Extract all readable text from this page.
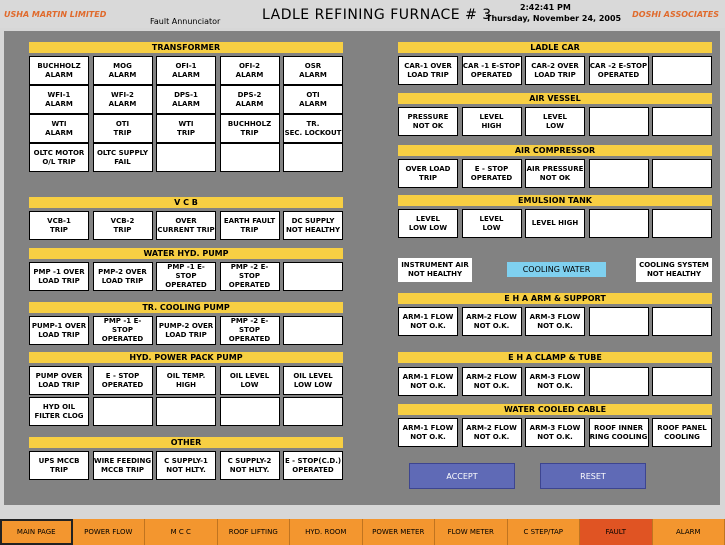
USHA MARTIN LIMITED
Fault Annunciator	LADLE REFINING FURNACE # 3	2:42:41 PM
Thursday, November 24, 2005 DOSHI ASSOCIATES
TRANSFORMER
BUCHHOLZ
ALARM
MOG
ALARM
OFI-1
ALARM
OFI-2
ALARM
OSR
ALARM
WFI-1
ALARM
WFI-2
ALARM
DPS-1
ALARM
DPS-2
ALARM
OTI
ALARM
WTI
ALARM
OTI
TRIP
WTI
TRIP
BUCHHOLZ
TRIP
TR.
SEC. LOCKOUT
OLTC MOTOR
O/L TRIP
OLTC SUPPLY
FAIL
V C B
VCB-1
TRIP
VCB-2
TRIP
OVER
CURRENT TRIP
EARTH FAULT
TRIP
DC SUPPLY
NOT HEALTHY
WATER HYD. PUMP
PMP -1 OVER
LOAD TRIP
PMP-2 OVER
LOAD TRIP
PMP -1 E-STOP
OPERATED
PMP -2 E-STOP
OPERATED
TR. COOLING PUMP
PUMP-1 OVER
LOAD TRIP
PMP -1 E-STOP
OPERATED
PUMP-2 OVER
LOAD TRIP
PMP -2 E-STOP
OPERATED
HYD. POWER PACK PUMP
PUMP OVER
LOAD TRIP
E - STOP
OPERATED
OIL TEMP.
HIGH
OIL LEVEL
LOW
OIL LEVEL
LOW LOW
HYD OIL
FILTER CLOG
OTHER
UPS MCCB
TRIP
WIRE FEEDING
MCCB TRIP
C SUPPLY-1
NOT HLTY.
C SUPPLY-2
NOT HLTY.
E - STOP(C.D.)
OPERATED
LADLE CAR
CAR-1 OVER
LOAD TRIP
CAR -1 E-STOP
OPERATED
CAR-2 OVER
LOAD TRIP
CAR -2 E-STOP
OPERATED
AIR VESSEL
PRESSURE
NOT OK
LEVEL
HIGH
LEVEL
LOW
AIR COMPRESSOR
OVER LOAD
TRIP
E - STOP
OPERATED
AIR PRESSURE
NOT OK
EMULSION TANK
LEVEL
LOW LOW
LEVEL
LOW
LEVEL HIGH
INSTRUMENT AIR
NOT HEALTHY	COOLING WATER	COOLING SYSTEM
NOT HEALTHY
E H A ARM & SUPPORT
ARM-1 FLOW
NOT O.K.
ARM-2 FLOW
NOT O.K.
ARM-3 FLOW
NOT O.K.
E H A CLAMP & TUBE
ARM-1 FLOW
NOT O.K.
ARM-2 FLOW
NOT O.K.
ARM-3 FLOW
NOT O.K.
WATER COOLED CABLE
ARM-1 FLOW
NOT O.K.
ARM-2 FLOW
NOT O.K.
ARM-3 FLOW
NOT O.K.
ROOF INNER
RING COOLING
ROOF PANEL
COOLING
ACCEPT	RESET
MAIN PAGE	POWER FLOW	M C C	ROOF LIFTING	HYD. ROOM	POWER METER	FLOW METER	C STEP/TAP	FAULT	ALARM
